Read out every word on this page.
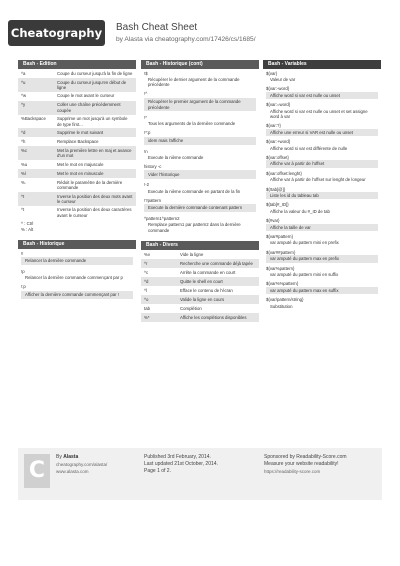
Cheatography Bash Cheat Sheet
by Alasta via cheatography.com/17426/cs/1685/
Bash - Edition
^a	Coupe du curseur jusqu'à la fin de ligne
^u	Coupe du curseur jusqu'en début de ligne
^w	Coupe le mot avant le curseur
^y	Coller une chaîne précédemment coupée
%Backspace	Supprime un mot jusqu'à un symbole de type first...
^d	Supprime le mot suivant
^h	Remplace Backspace
%c	Met la première lettre en maj et avance d'un mot
%u	Met le mot en majuscule
%l	Met le mot en minuscule
%.	Rédoit le paramètre de la dernière commande
^t	Inverse la position des deux mots avant le curseur
^t	Inverse la position des deux caractères avant le curseur
^ : Ctrl
% : Alt
Bash - Historique
!!
Relancer la dernière commande
!p
Relancer la dernière commande commençant par p
!:p
Afficher la dernière commande commençant par !
Bash - Historique (cont)
!$
Récupérer le dernier argument de la commande précédente
!^
Récupérer le premier argument de la commande précédente
!*
Tous les arguments de la dernière commande
!*:p
idem mais l'affiche
!n
Execute la nième commande
history -c
Vider l'historique
!-2
Execute la nième commande en partant de la fin
!?pattern
Execute la dernière commande contenant pattern
^pattern1^pattern2
Remplace pattern1 par pattern2 dans la dernière commande
Bash - Divers
%v	Vide la ligne
^r	Recherche une commande déjà tapée
^c	Arrête la commande en court
^d	Quitte le shell en court
^l	Efface le contenu de l'écran
^o	Valide la ligne en cours
tab	Complétion
%*	Affiche les complétions disponibles
Bash - Variables
${var}
Valeur de var
${var:-word}
Affiche word si var est nulle ou unset
${var:=word}
Affiche word si var est nulle ou unset et set assigne word à var
${var:?}
Affiche une erreur si VAR est nulle ou unset
${var:+word}
Affiche word si var est différente de nulle
${var:offset}
Affiche var à partir de l'offset
${var:offset:lenght}
Affiche var à partir de l'offset sur lenght de longeur
${!tab[@]}
Liste les id du tableau tab
${tab[#_ID]}
Affiche la valeur du #_ID de tab
${#var}
Affiche la taille de var
${var#pattern}
var amputé du pattern mini en prefix
${var##pattern}
var amputé du pattern max en prefix
${var%pattern}
var amputé du pattern mini en suffix
${var%%pattern}
var amputé du pattern max en suffix
${var/pattern/string}
Substitution
C
By Alasta
cheatography.com/alasta/
www.alasta.com
Published 3rd February, 2014.
Last updated 21st October, 2014.
Page 1 of 2.
Sponsored by Readability-Score.com
Measure your website readability!
https://readability-score.com
